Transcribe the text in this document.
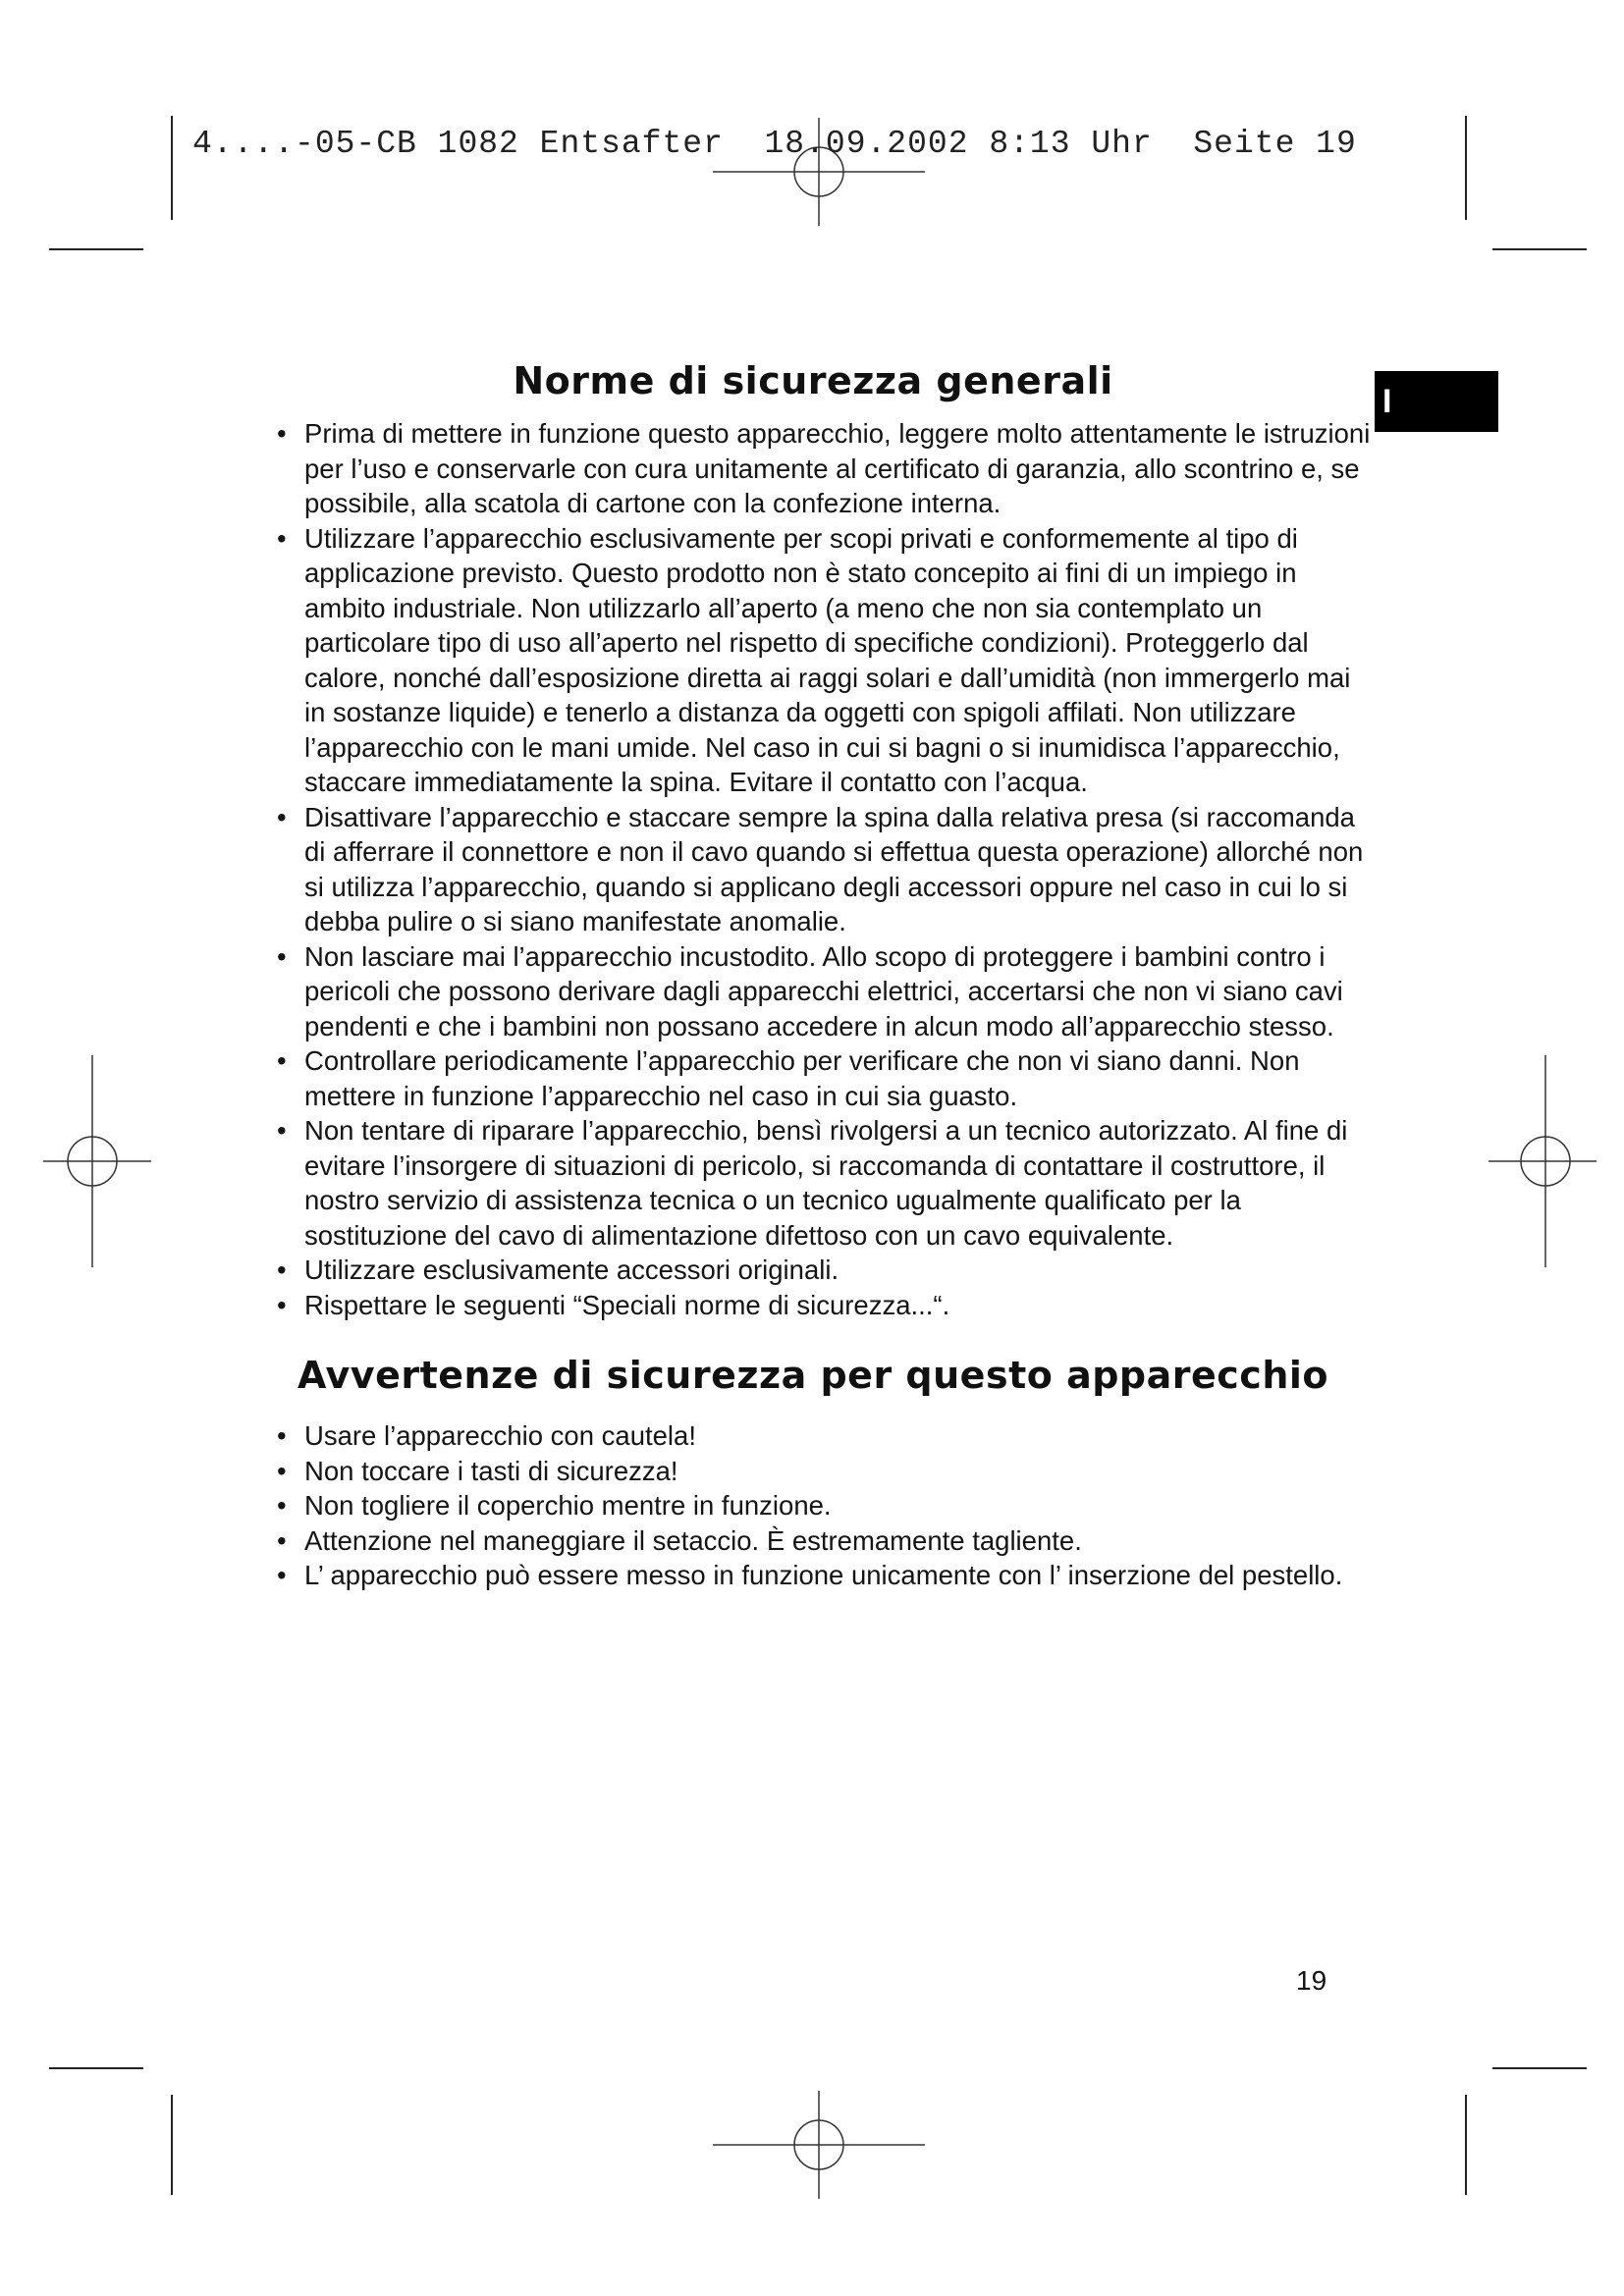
4....-05-CB 1082 Entsafter  18.09.2002 8:13 Uhr  Seite 19
I
Norme di sicurezza generali
• Prima di mettere in funzione questo apparecchio, leggere molto attentamente le istruzioni per l’uso e conservarle con cura unitamente al certificato di garanzia, allo scontrino e, se possibile, alla scatola di cartone con la confezione interna.
• Utilizzare l’apparecchio esclusivamente per scopi privati e conformemente al tipo di applicazione previsto. Questo prodotto non è stato concepito ai fini di un impiego in ambito industriale. Non utilizzarlo all’aperto (a meno che non sia contemplato un particolare tipo di uso all’aperto nel rispetto di specifiche condizioni). Proteggerlo dal calore, nonché dall’esposizione diretta ai raggi solari e dall’umidità (non immergerlo mai in sostanze liquide) e tenerlo a distanza da oggetti con spigoli affilati. Non utilizzare l’apparecchio con le mani umide. Nel caso in cui si bagni o si inumidisca l’apparecchio, staccare immediatamente la spina. Evitare il contatto con l’acqua.
• Disattivare l’apparecchio e staccare sempre la spina dalla relativa presa (si raccomanda di afferrare il connettore e non il cavo quando si effettua questa operazione) allorché non si utilizza l’apparecchio, quando si applicano degli accessori oppure nel caso in cui lo si debba pulire o si siano manifestate anomalie.
• Non lasciare mai l’apparecchio incustodito. Allo scopo di proteggere i bambini contro i pericoli che possono derivare dagli apparecchi elettrici, accertarsi che non vi siano cavi pendenti e che i bambini non possano accedere in alcun modo all’apparecchio stesso.
• Controllare periodicamente l’apparecchio per verificare che non vi siano danni. Non mettere in funzione l’apparecchio nel caso in cui sia guasto.
• Non tentare di riparare l’apparecchio, bensì rivolgersi a un tecnico autorizzato. Al fine di evitare l’insorgere di situazioni di pericolo, si raccomanda di contattare il costruttore, il nostro servizio di assistenza tecnica o un tecnico ugualmente qualificato per la sostituzione del cavo di alimentazione difettoso con un cavo equivalente.
• Utilizzare esclusivamente accessori originali.
• Rispettare le seguenti “Speciali norme di sicurezza...“.
Avvertenze di sicurezza per questo apparecchio
• Usare l’apparecchio con cautela!
• Non toccare i tasti di sicurezza!
• Non togliere il coperchio mentre in funzione.
• Attenzione nel maneggiare il setaccio. È estremamente tagliente.
• L’ apparecchio può essere messo in funzione unicamente con l’ inserzione del pestello.
19
